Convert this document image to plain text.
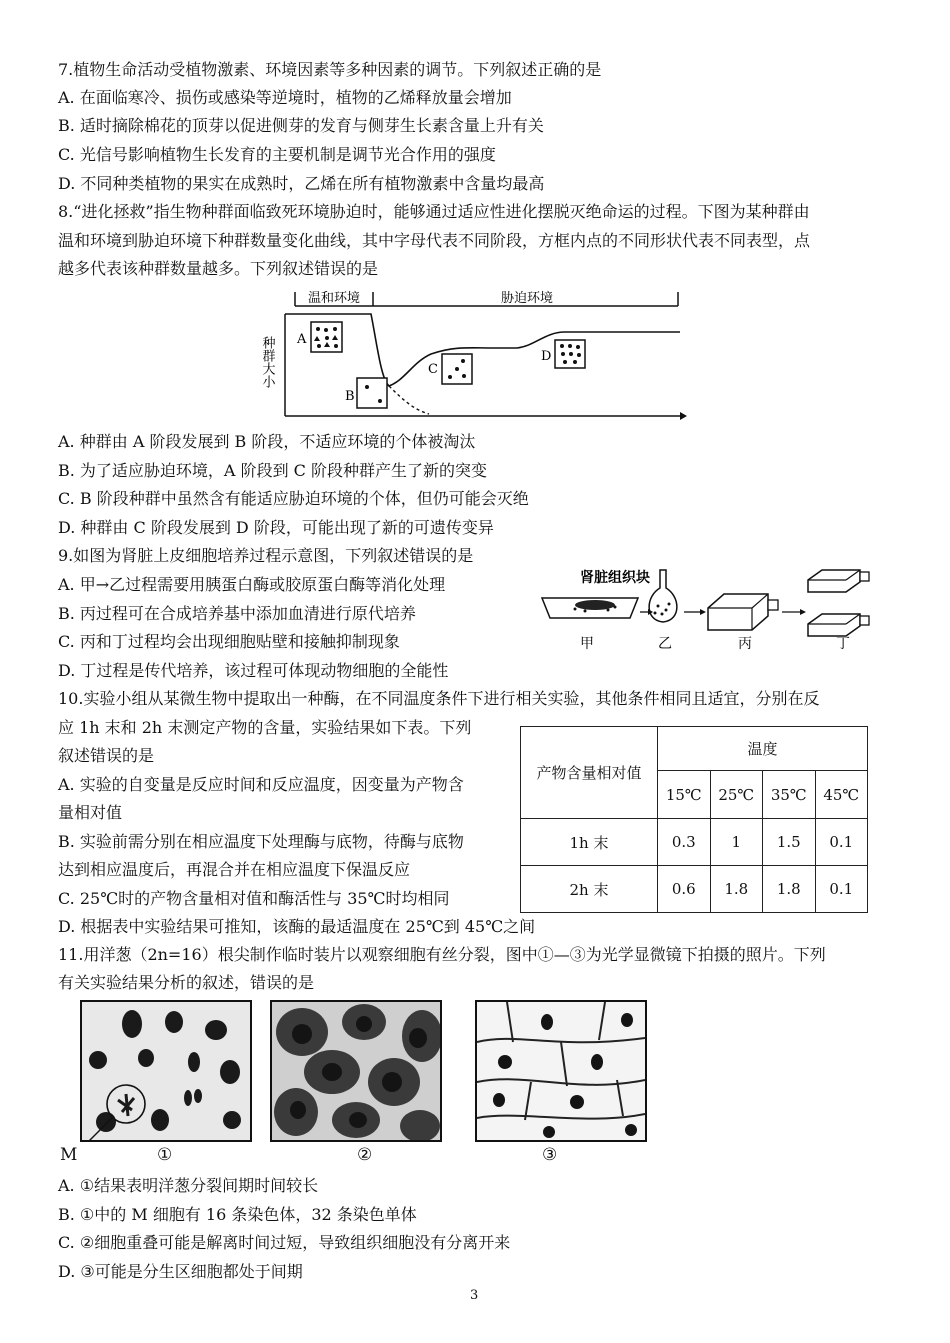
7.植物生命活动受植物激素、环境因素等多种因素的调节。下列叙述正确的是
A. 在面临寒冷、损伤或感染等逆境时，植物的乙烯释放量会增加
B. 适时摘除棉花的顶芽以促进侧芽的发育与侧芽生长素含量上升有关
C. 光信号影响植物生长发育的主要机制是调节光合作用的强度
D. 不同种类植物的果实在成熟时，乙烯在所有植物激素中含量均最高
8.“进化拯救”指生物种群面临致死环境胁迫时，能够通过适应性进化摆脱灭绝命运的过程。下图为某种群由
温和环境到胁迫环境下种群数量变化曲线，其中字母代表不同阶段，方框内点的不同形状代表不同表型，点
越多代表该种群数量越多。下列叙述错误的是
温和环境	胁迫环境
种群大小 A
B
C
D
A. 种群由 A 阶段发展到 B 阶段，不适应环境的个体被淘汰
B. 为了适应胁迫环境，A 阶段到 C 阶段种群产生了新的突变
C. B 阶段种群中虽然含有能适应胁迫环境的个体，但仍可能会灭绝
D. 种群由 C 阶段发展到 D 阶段，可能出现了新的可遗传变异
9.如图为肾脏上皮细胞培养过程示意图，下列叙述错误的是
A. 甲→乙过程需要用胰蛋白酶或胶原蛋白酶等消化处理
B. 丙过程可在合成培养基中添加血清进行原代培养
C. 丙和丁过程均会出现细胞贴壁和接触抑制现象
D. 丁过程是传代培养，该过程可体现动物细胞的全能性
肾脏组织块
甲	乙	丙	丁
10.实验小组从某微生物中提取出一种酶，在不同温度条件下进行相关实验，其他条件相同且适宜，分别在反
应 1h 末和 2h 末测定产物的含量，实验结果如下表。下列
叙述错误的是
A. 实验的自变量是反应时间和反应温度，因变量为产物含
量相对值
B. 实验前需分别在相应温度下处理酶与底物，待酶与底物
达到相应温度后，再混合并在相应温度下保温反应
C. 25℃时的产物含量相对值和酶活性与 35℃时均相同
D. 根据表中实验结果可推知，该酶的最适温度在 25℃到 45℃之间
产物含量相对值	温度			
	15℃	25℃	35℃	45℃
1h 末	0.3	1	1.5	0.1
2h 末	0.6	1.8	1.8	0.1
11.用洋葱（2n=16）根尖制作临时装片以观察细胞有丝分裂，图中①—③为光学显微镜下拍摄的照片。下列
有关实验结果分析的叙述，错误的是
M	①	②	③
A. ①结果表明洋葱分裂间期时间较长
B. ①中的 M 细胞有 16 条染色体，32 条染色单体
C. ②细胞重叠可能是解离时间过短，导致组织细胞没有分离开来
D. ③可能是分生区细胞都处于间期
3
